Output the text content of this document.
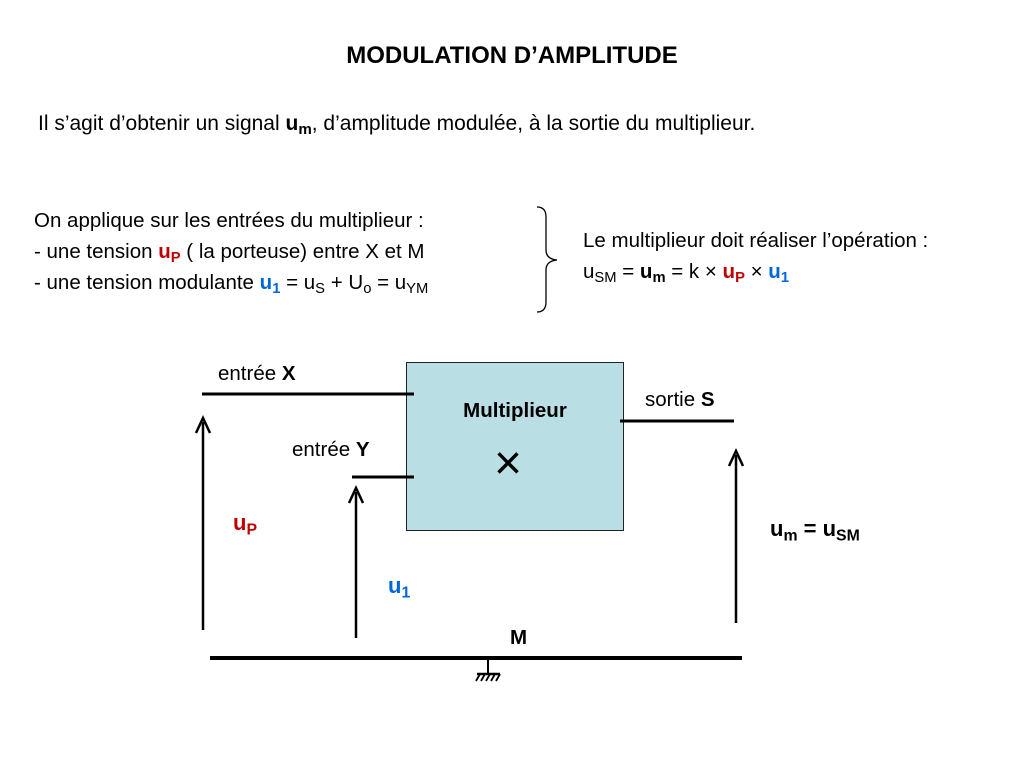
MODULATION D’AMPLITUDE
Il s’agit d’obtenir un signal $u_m$, d’amplitude modulée, à la sortie du multiplieur.
On applique sur les entrées du multiplieur :
- une tension $u_P$ ( la porteuse) entre X et M
- une tension modulante $u_1 = u_S + U_o = u_{YM}$
Le multiplieur doit réaliser l’opération :
$u_{SM} = u_m = k \times u_P \times u_1$
Multiplieur
×
entrée X
entrée Y
sortie S
$u_P$
$u_1$
$u_m = u_{SM}$
M
